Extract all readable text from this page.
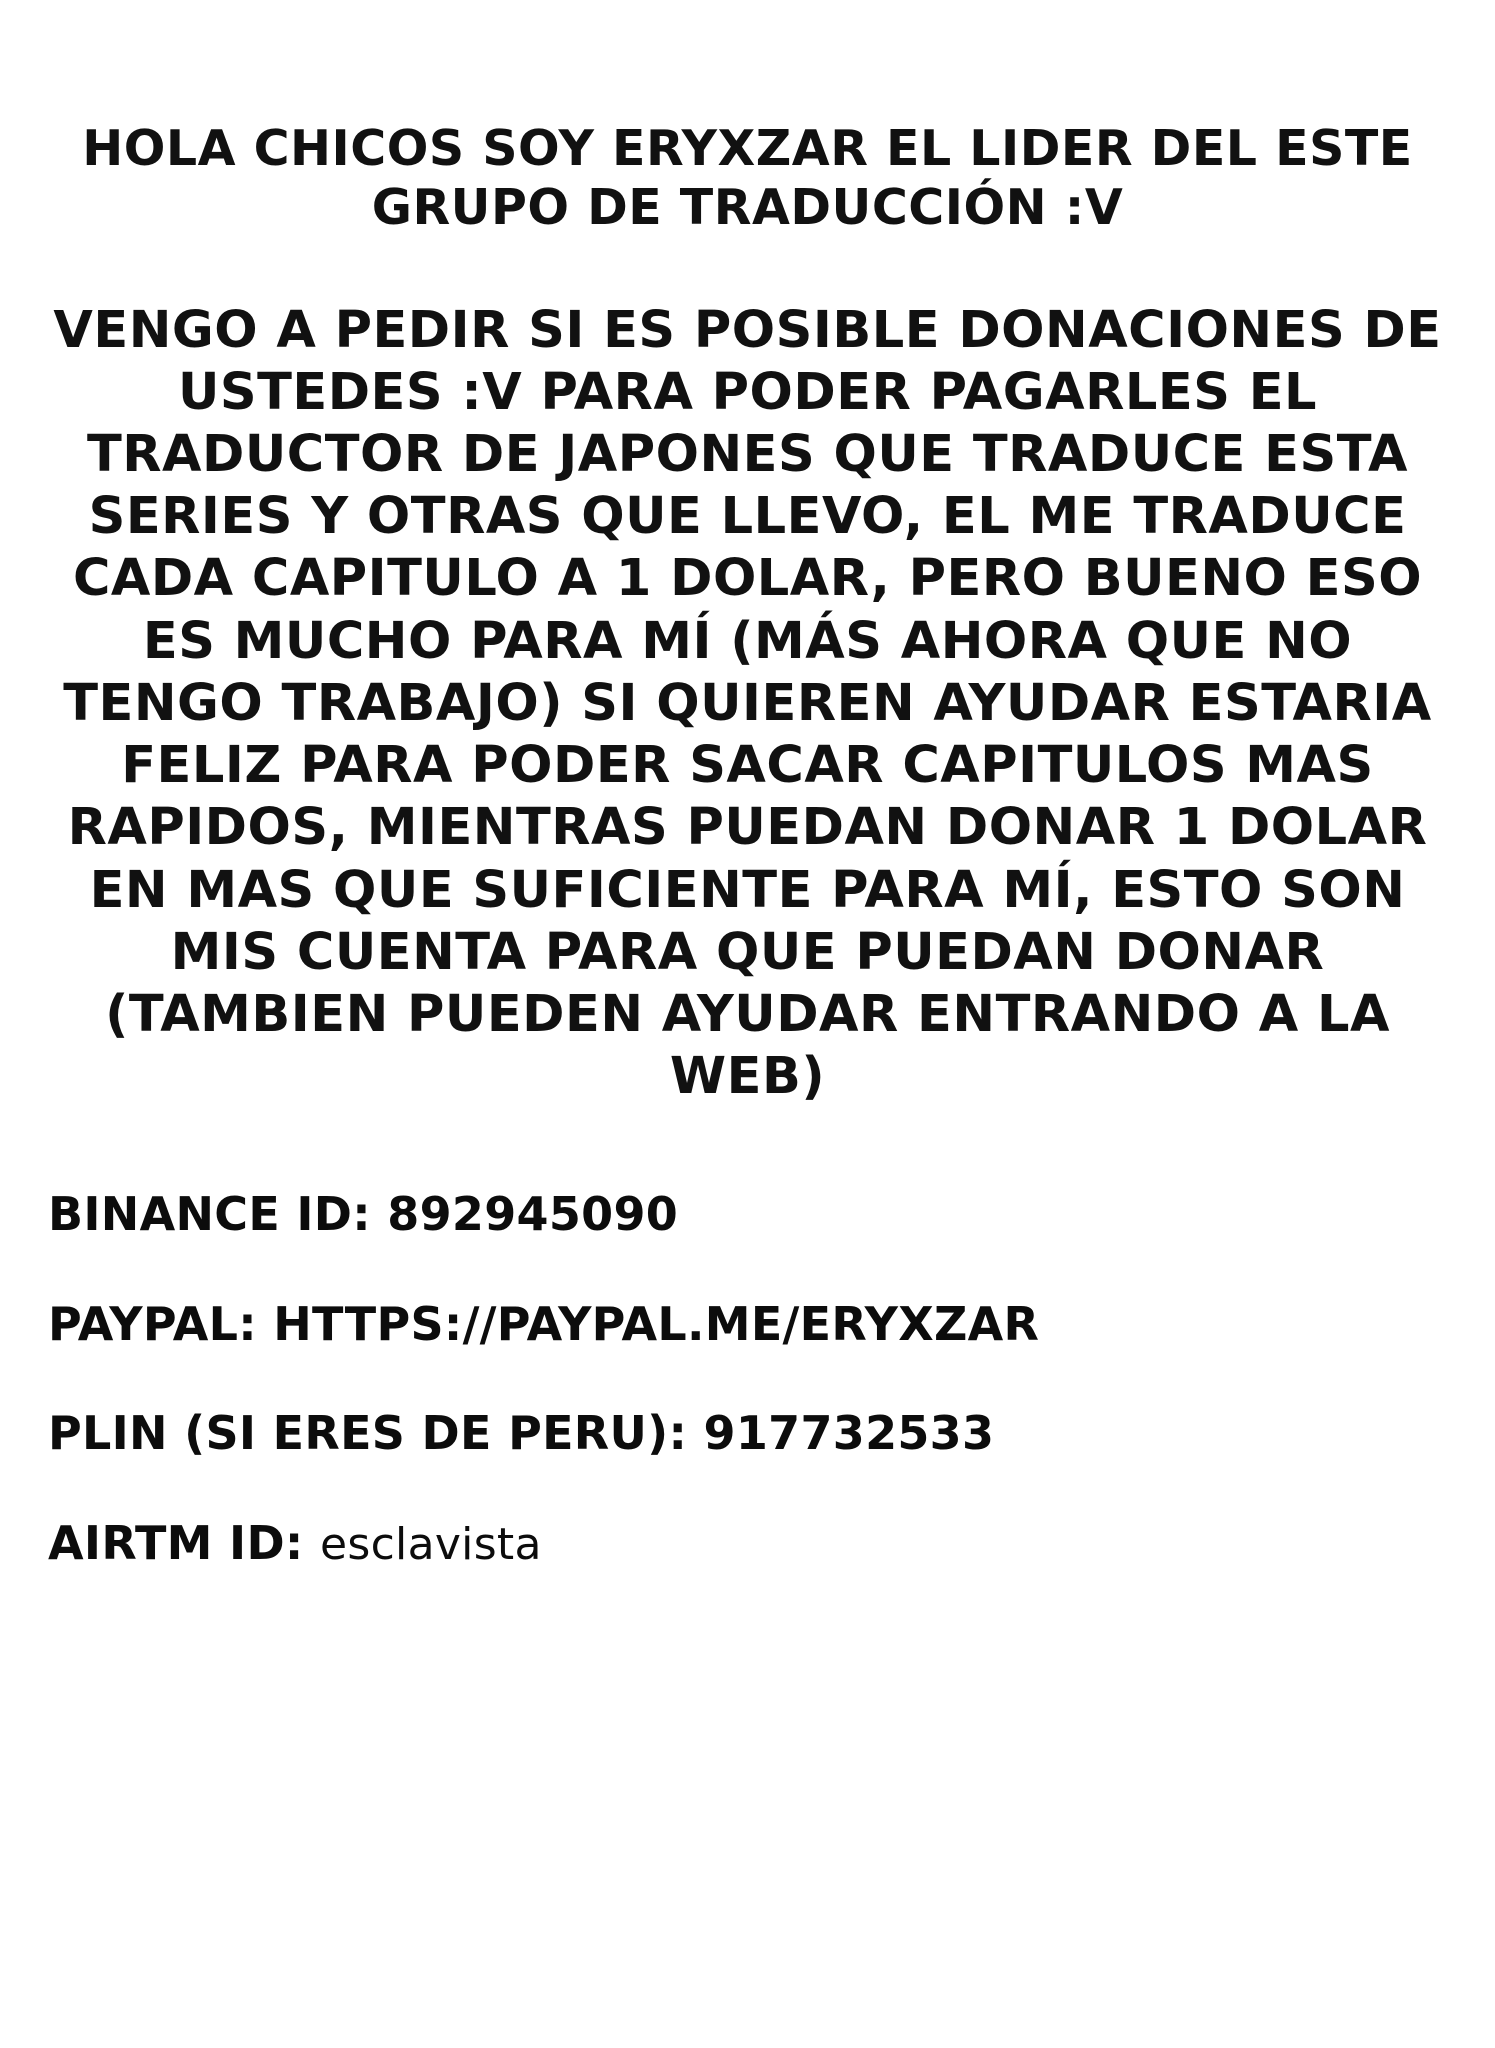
HOLA CHICOS SOY ERYXZAR EL LIDER DEL ESTE GRUPO DE TRADUCCIÓN :V

VENGO A PEDIR SI ES POSIBLE DONACIONES DE USTEDES :V PARA PODER PAGARLES EL TRADUCTOR DE JAPONES QUE TRADUCE ESTA SERIES Y OTRAS QUE LLEVO, EL ME TRADUCE CADA CAPITULO A 1 DOLAR, PERO BUENO ESO ES MUCHO PARA MÍ (MÁS AHORA QUE NO TENGO TRABAJO) SI QUIEREN AYUDAR ESTARIA FELIZ PARA PODER SACAR CAPITULOS MAS RAPIDOS, MIENTRAS PUEDAN DONAR 1 DOLAR EN MAS QUE SUFICIENTE PARA MÍ, ESTO SON MIS CUENTA PARA QUE PUEDAN DONAR (TAMBIEN PUEDEN AYUDAR ENTRANDO A LA WEB)

BINANCE ID: 892945090

PAYPAL: HTTPS://PAYPAL.ME/ERYXZAR

PLIN (SI ERES DE PERU): 917732533

AIRTM ID: esclavista
